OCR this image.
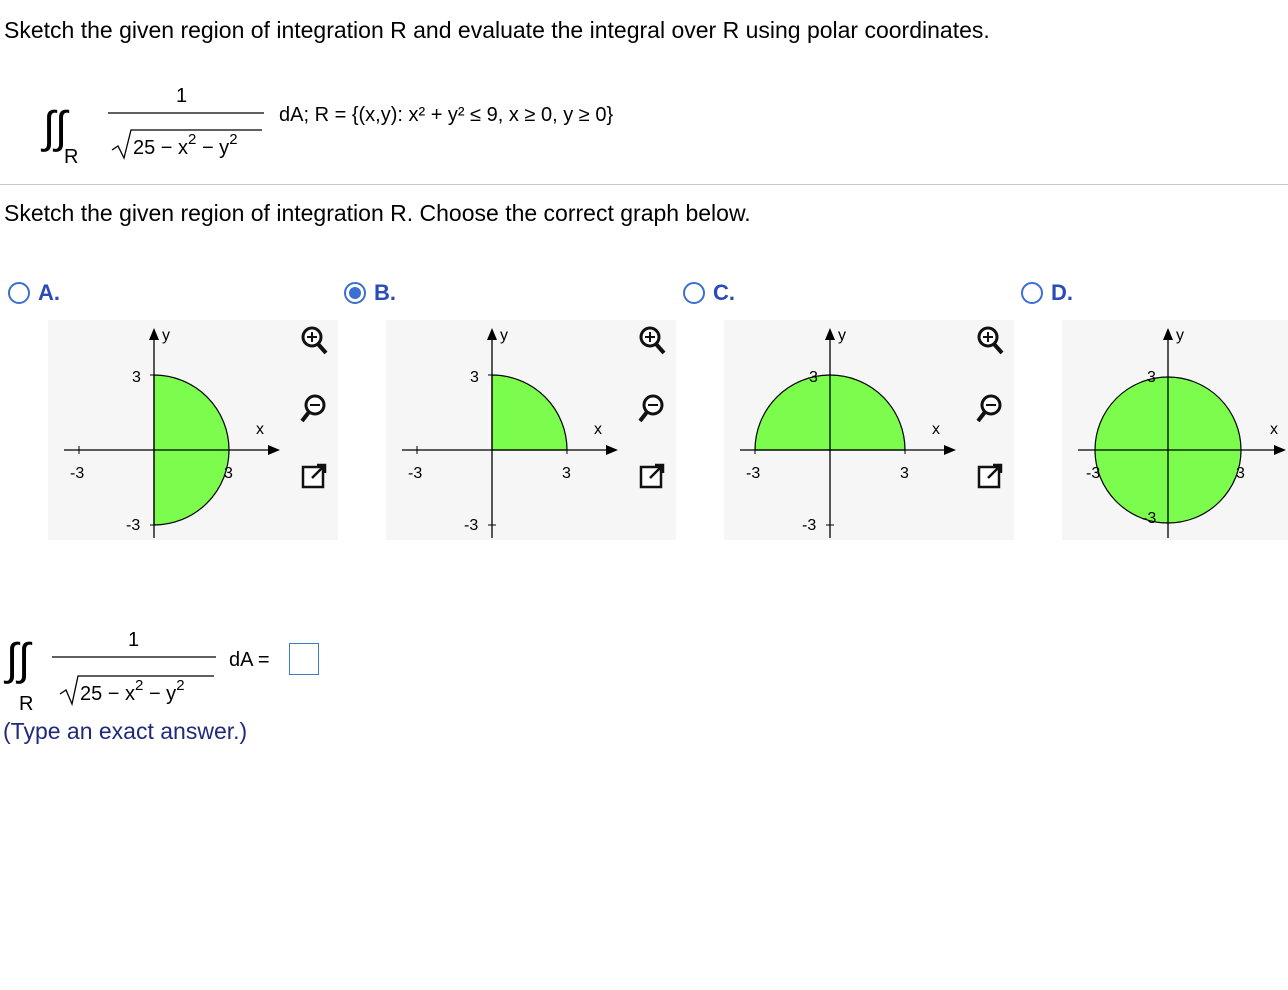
Sketch the given region of integration R and evaluate the integral over R using polar coordinates.
∫∫
R
1
$25 - x^2 - y^2$
dA; R = {(x,y): x² + y² ≤ 9, x ≥ 0, y ≥ 0}
Sketch the given region of integration R. Choose the correct graph below.
A.
y
x
3
-3
-3	3
B.
y
x
3
-3
-3	3
C.
y
x
3
-3
-3	3
D.
y
x
3
-3
-3	3
∫∫
R
1
$25 - x^2 - y^2$
dA =
(Type an exact answer.)
